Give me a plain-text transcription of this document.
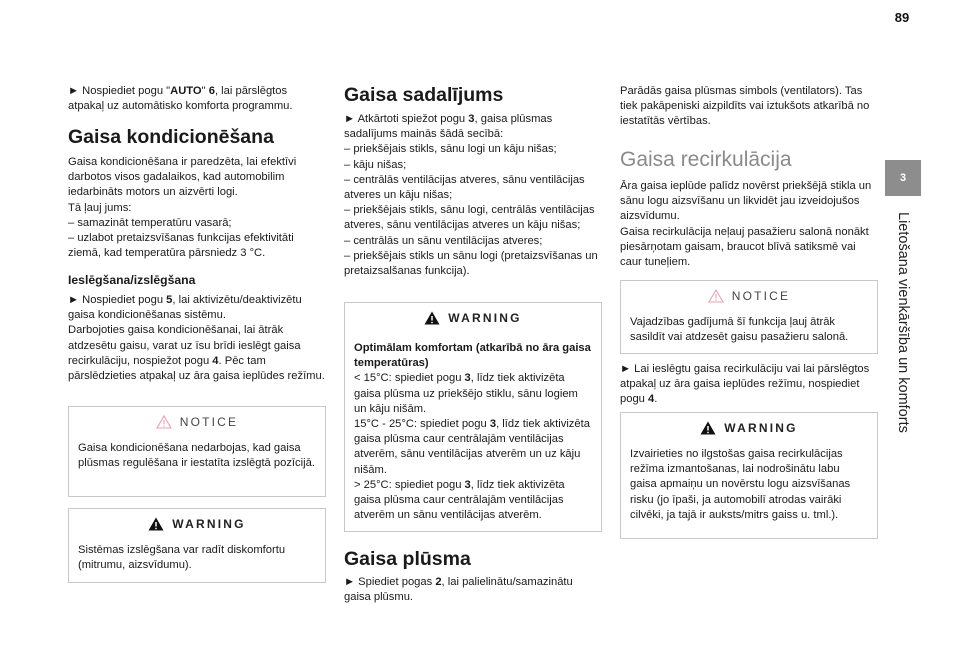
89
3
Lietošana vienkāršība un komforts

► Nospiediet pogu "AUTO" 6, lai pārslēgtos atpakaļ uz automātisko komforta programmu.

Gaisa kondicionēšana

Gaisa kondicionēšana ir paredzēta, lai efektīvi darbotos visos gadalaikos, kad automobilim iedarbināts motors un aizvērti logi.
Tā ļauj jums:
– samazināt temperatūru vasarā;
– uzlabot pretaizsvīšanas funkcijas efektivitāti ziemā, kad temperatūra pārsniedz 3 °C.

Ieslēgšana/izslēgšana

► Nospiediet pogu 5, lai aktivizētu/deaktivizētu gaisa kondicionēšanas sistēmu.
Darbojoties gaisa kondicionēšanai, lai ātrāk atdzesētu gaisu, varat uz īsu brīdi ieslēgt gaisa recirkulāciju, nospiežot pogu 4. Pēc tam pārslēdzieties atpakaļ uz āra gaisa ieplūdes režīmu.

NOTICE
Gaisa kondicionēšana nedarbojas, kad gaisa plūsmas regulēšana ir iestatīta izslēgtā pozīcijā.
WARNING
Sistēmas izslēgšana var radīt diskomfortu (mitrumu, aizsvīdumu).
Gaisa sadalījums

► Atkārtoti spiežot pogu 3, gaisa plūsmas sadalījums mainās šādā secībā:
– priekšējais stikls, sānu logi un kāju nišas;
– kāju nišas;
– centrālās ventilācijas atveres, sānu ventilācijas atveres un kāju nišas;
– priekšējais stikls, sānu logi, centrālās ventilācijas atveres, sānu ventilācijas atveres un kāju nišas;
– centrālās un sānu ventilācijas atveres;
– priekšējais stikls un sānu logi (pretaizsvīšanas un pretaizsalšanas funkcija).

WARNING
Optimālam komfortam (atkarībā no āra gaisa temperatūras)
< 15°C: spiediet pogu 3, līdz tiek aktivizēta gaisa plūsma uz priekšējo stiklu, sānu logiem un kāju nišām.
15°C - 25°C: spiediet pogu 3, līdz tiek aktivizēta gaisa plūsma caur centrālajām ventilācijas atverēm, sānu ventilācijas atverēm un uz kāju nišām.
> 25°C: spiediet pogu 3, līdz tiek aktivizēta gaisa plūsma caur centrālajām ventilācijas atverēm un sānu ventilācijas atverēm.
Gaisa plūsma

► Spiediet pogas 2, lai palielinātu/samazinātu gaisa plūsmu.

Parādās gaisa plūsmas simbols (ventilators). Tas tiek pakāpeniski aizpildīts vai iztukšots atkarībā no iestatītās vērtības.

Gaisa recirkulācija

Āra gaisa ieplūde palīdz novērst priekšējā stikla un sānu logu aizsvīšanu un likvidēt jau izveidojušos aizsvīdumu.
Gaisa recirkulācija neļauj pasažieru salonā nonākt piesārņotam gaisam, braucot blīvā satiksmē vai caur tuneļiem.

NOTICE
Vajadzības gadījumā šī funkcija ļauj ātrāk sasildīt vai atdzesēt gaisu pasažieru salonā.

► Lai ieslēgtu gaisa recirkulāciju vai lai pārslēgtos atpakaļ uz āra gaisa ieplūdes režīmu, nospiediet pogu 4.

WARNING
Izvairieties no ilgstošas gaisa recirkulācijas režīma izmantošanas, lai nodrošinātu labu gaisa apmaiņu un novērstu logu aizsvīšanas risku (jo īpaši, ja automobilī atrodas vairāki cilvēki, ja tajā ir auksts/mitrs gaiss u. tml.).
